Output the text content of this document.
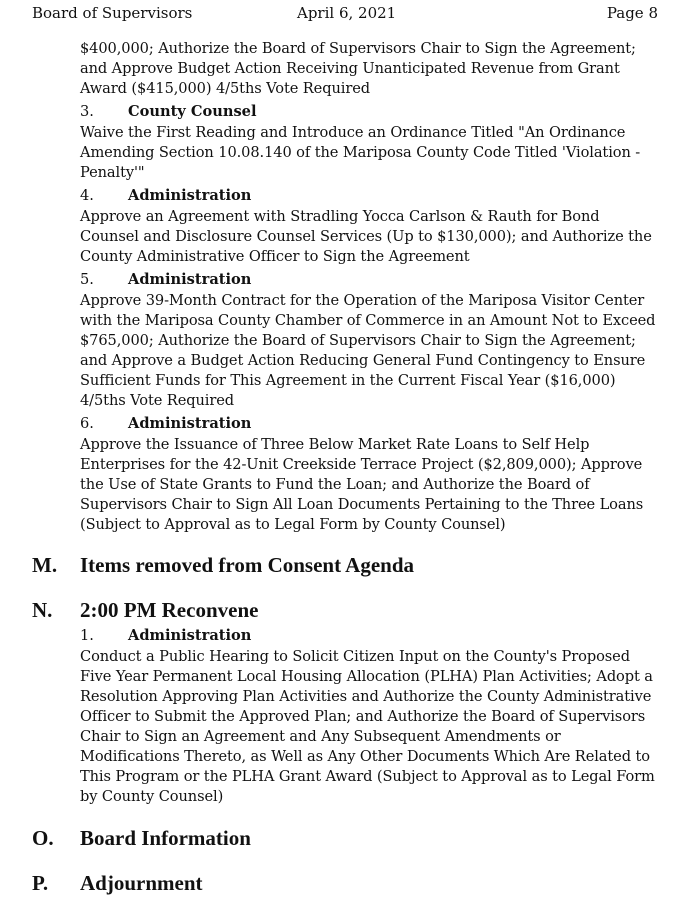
Board of Supervisors	April 6, 2021	Page 8

$400,000; Authorize the Board of Supervisors Chair to Sign the Agreement; and Approve Budget Action Receiving Unanticipated Revenue from Grant Award ($415,000) 4/5ths Vote Required

3. County Counsel

Waive the First Reading and Introduce an Ordinance Titled "An Ordinance Amending Section 10.08.140 of the Mariposa County Code Titled 'Violation - Penalty'"

4. Administration

Approve an Agreement with Stradling Yocca Carlson & Rauth for Bond Counsel and Disclosure Counsel Services (Up to $130,000); and Authorize the County Administrative Officer to Sign the Agreement

5. Administration

Approve 39-Month Contract for the Operation of the Mariposa Visitor Center with the Mariposa County Chamber of Commerce in an Amount Not to Exceed $765,000; Authorize the Board of Supervisors Chair to Sign the Agreement; and Approve a Budget Action Reducing General Fund Contingency to Ensure Sufficient Funds for This Agreement in the Current Fiscal Year ($16,000) 4/5ths Vote Required

6. Administration

Approve the Issuance of Three Below Market Rate Loans to Self Help Enterprises for the 42-Unit Creekside Terrace Project ($2,809,000); Approve the Use of State Grants to Fund the Loan; and Authorize the Board of Supervisors Chair to Sign All Loan Documents Pertaining to the Three Loans (Subject to Approval as to Legal Form by County Counsel)

M. Items removed from Consent Agenda
N. 2:00 PM Reconvene
1. Administration

Conduct a Public Hearing to Solicit Citizen Input on the County's Proposed Five Year Permanent Local Housing Allocation (PLHA) Plan Activities; Adopt a Resolution Approving Plan Activities and Authorize the County Administrative Officer to Submit the Approved Plan; and Authorize the Board of Supervisors Chair to Sign an Agreement and Any Subsequent Amendments or Modifications Thereto, as Well as Any Other Documents Which Are Related to This Program or the PLHA Grant Award (Subject to Approval as to Legal Form by County Counsel)

O. Board Information
P. Adjournment
